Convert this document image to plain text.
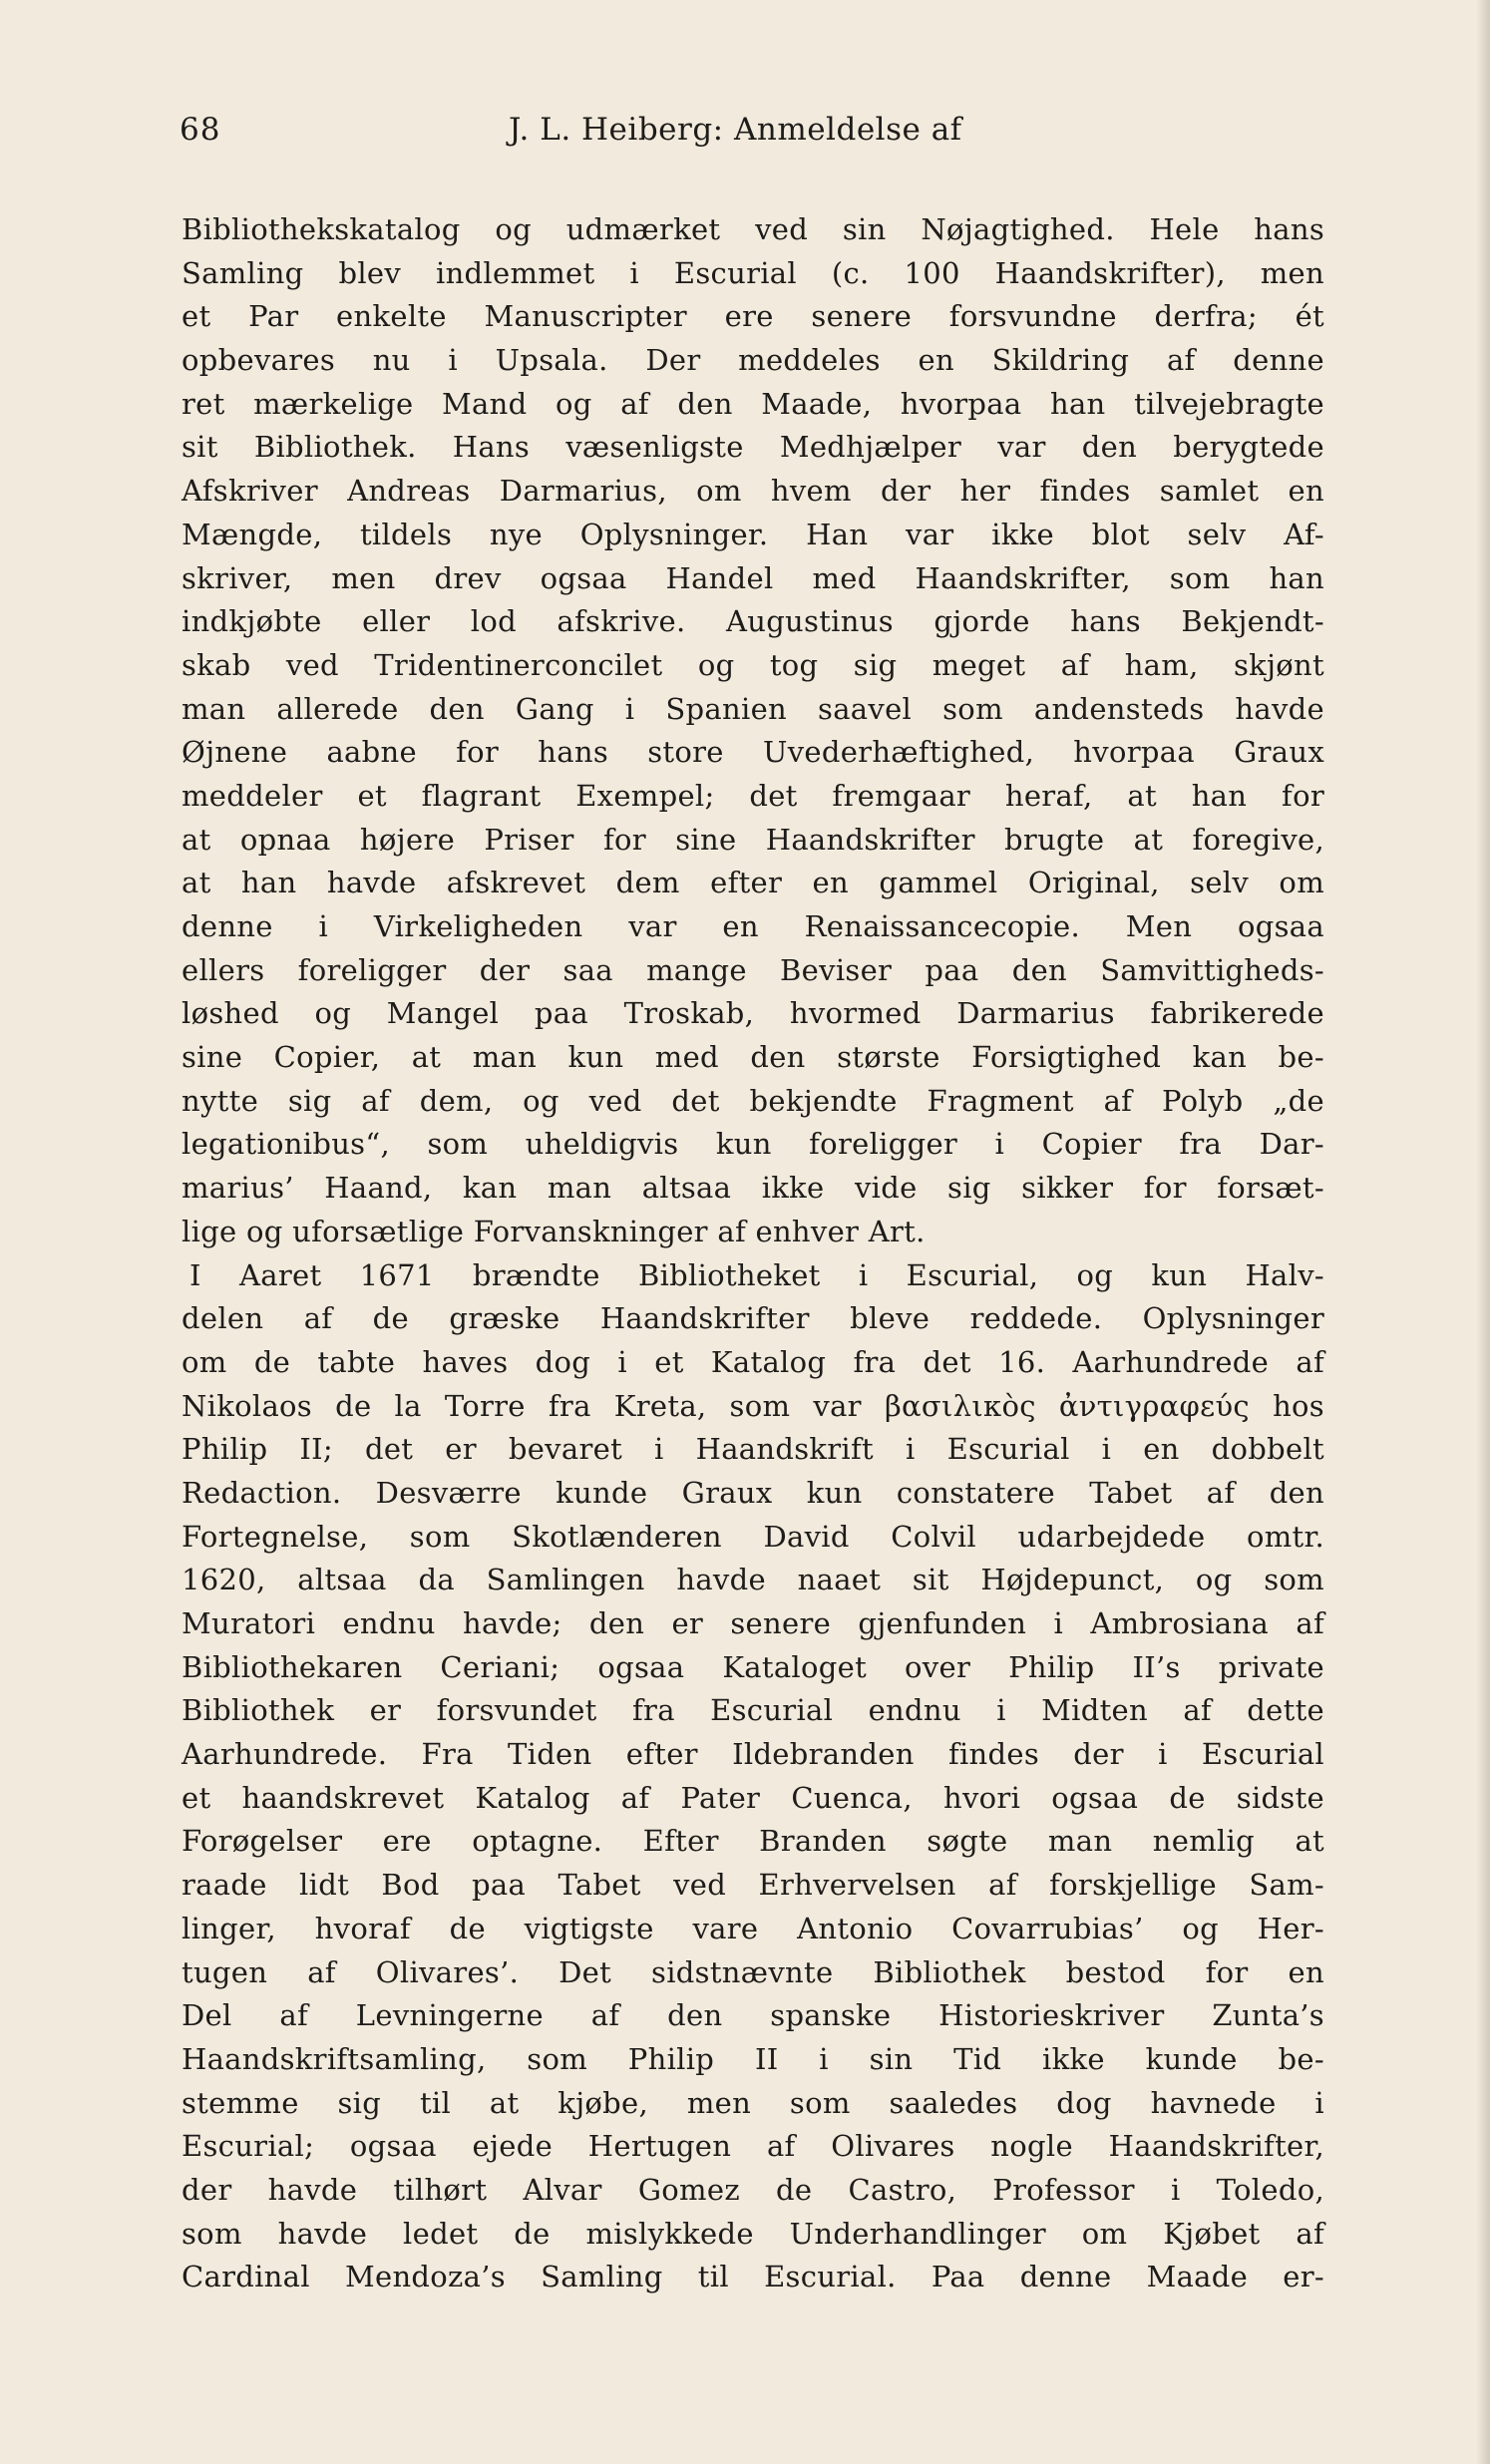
68	J. L. Heiberg: Anmeldelse af
Bibliothekskatalog og udmærket ved sin Nøjagtighed. Hele hans
Samling blev indlemmet i Escurial (c. 100 Haandskrifter), men
et Par enkelte Manuscripter ere senere forsvundne derfra; ét
opbevares nu i Upsala. Der meddeles en Skildring af denne
ret mærkelige Mand og af den Maade, hvorpaa han tilvejebragte
sit Bibliothek. Hans væsenligste Medhjælper var den berygtede
Afskriver Andreas Darmarius, om hvem der her findes samlet en
Mængde, tildels nye Oplysninger. Han var ikke blot selv Af-
skriver, men drev ogsaa Handel med Haandskrifter, som han
indkjøbte eller lod afskrive. Augustinus gjorde hans Bekjendt-
skab ved Tridentinerconcilet og tog sig meget af ham, skjønt
man allerede den Gang i Spanien saavel som andensteds havde
Øjnene aabne for hans store Uvederhæftighed, hvorpaa Graux
meddeler et flagrant Exempel; det fremgaar heraf, at han for
at opnaa højere Priser for sine Haandskrifter brugte at foregive,
at han havde afskrevet dem efter en gammel Original, selv om
denne i Virkeligheden var en Renaissancecopie. Men ogsaa
ellers foreligger der saa mange Beviser paa den Samvittigheds-
løshed og Mangel paa Troskab, hvormed Darmarius fabrikerede
sine Copier, at man kun med den største Forsigtighed kan be-
nytte sig af dem, og ved det bekjendte Fragment af Polyb „de
legationibus“, som uheldigvis kun foreligger i Copier fra Dar-
marius’ Haand, kan man altsaa ikke vide sig sikker for forsæt-
lige og uforsætlige Forvanskninger af enhver Art.
I Aaret 1671 brændte Bibliotheket i Escurial, og kun Halv-
delen af de græske Haandskrifter bleve reddede. Oplysninger
om de tabte haves dog i et Katalog fra det 16. Aarhundrede af
Nikolaos de la Torre fra Kreta, som var βασιλικὸς ἀντιγραφεύς hos
Philip II; det er bevaret i Haandskrift i Escurial i en dobbelt
Redaction. Desværre kunde Graux kun constatere Tabet af den
Fortegnelse, som Skotlænderen David Colvil udarbejdede omtr.
1620, altsaa da Samlingen havde naaet sit Højdepunct, og som
Muratori endnu havde; den er senere gjenfunden i Ambrosiana af
Bibliothekaren Ceriani; ogsaa Kataloget over Philip II’s private
Bibliothek er forsvundet fra Escurial endnu i Midten af dette
Aarhundrede. Fra Tiden efter Ildebranden findes der i Escurial
et haandskrevet Katalog af Pater Cuenca, hvori ogsaa de sidste
Forøgelser ere optagne. Efter Branden søgte man nemlig at
raade lidt Bod paa Tabet ved Erhvervelsen af forskjellige Sam-
linger, hvoraf de vigtigste vare Antonio Covarrubias’ og Her-
tugen af Olivares’. Det sidstnævnte Bibliothek bestod for en
Del af Levningerne af den spanske Historieskriver Zunta’s
Haandskriftsamling, som Philip II i sin Tid ikke kunde be-
stemme sig til at kjøbe, men som saaledes dog havnede i
Escurial; ogsaa ejede Hertugen af Olivares nogle Haandskrifter,
der havde tilhørt Alvar Gomez de Castro, Professor i Toledo,
som havde ledet de mislykkede Underhandlinger om Kjøbet af
Cardinal Mendoza’s Samling til Escurial. Paa denne Maade er-
